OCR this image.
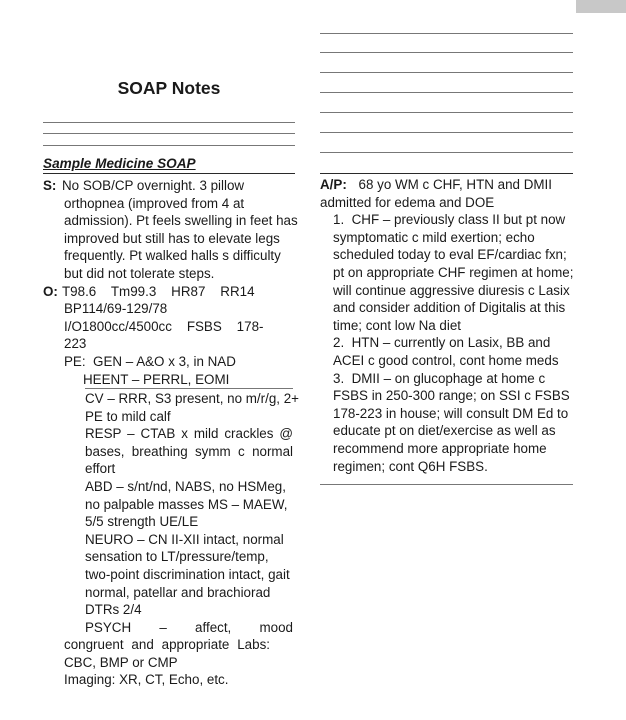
SOAP Notes
Sample Medicine SOAP
S: No SOB/CP overnight. 3 pillow
orthopnea (improved from 4 at
admission). Pt feels swelling in feet has
improved but still has to elevate legs
frequently. Pt walked halls s difficulty
but did not tolerate steps.
O: T98.6    Tm99.3    HR87    RR14
BP114/69-129/78
I/O1800cc/4500cc    FSBS    178-
223
PE:  GEN – A&O x 3, in NAD
HEENT – PERRL, EOMI
CV – RRR, S3 present, no m/r/g, 2+
PE to mild calf
RESP – CTAB x mild crackles @
bases, breathing symm c normal
effort
ABD – s/nt/nd, NABS, no HSMeg,
no palpable masses MS – MAEW,
5/5 strength UE/LE
NEURO – CN II-XII intact, normal
sensation to LT/pressure/temp,
two-point discrimination intact, gait
normal, patellar and brachiorad
DTRs 2/4
PSYCH – affect, mood
congruent and appropriate Labs:
CBC, BMP or CMP
Imaging: XR, CT, Echo, etc.
A/P: 68 yo WM c CHF, HTN and DMII
admitted for edema and DOE
1.  CHF – previously class II but pt now
symptomatic c mild exertion; echo
scheduled today to eval EF/cardiac fxn;
pt on appropriate CHF regimen at home;
will continue aggressive diuresis c Lasix
and consider addition of Digitalis at this
time; cont low Na diet
2.  HTN – currently on Lasix, BB and
ACEI c good control, cont home meds
3.  DMII – on glucophage at home c
FSBS in 250-300 range; on SSI c FSBS
178-223 in house; will consult DM Ed to
educate pt on diet/exercise as well as
recommend more appropriate home
regimen; cont Q6H FSBS.
